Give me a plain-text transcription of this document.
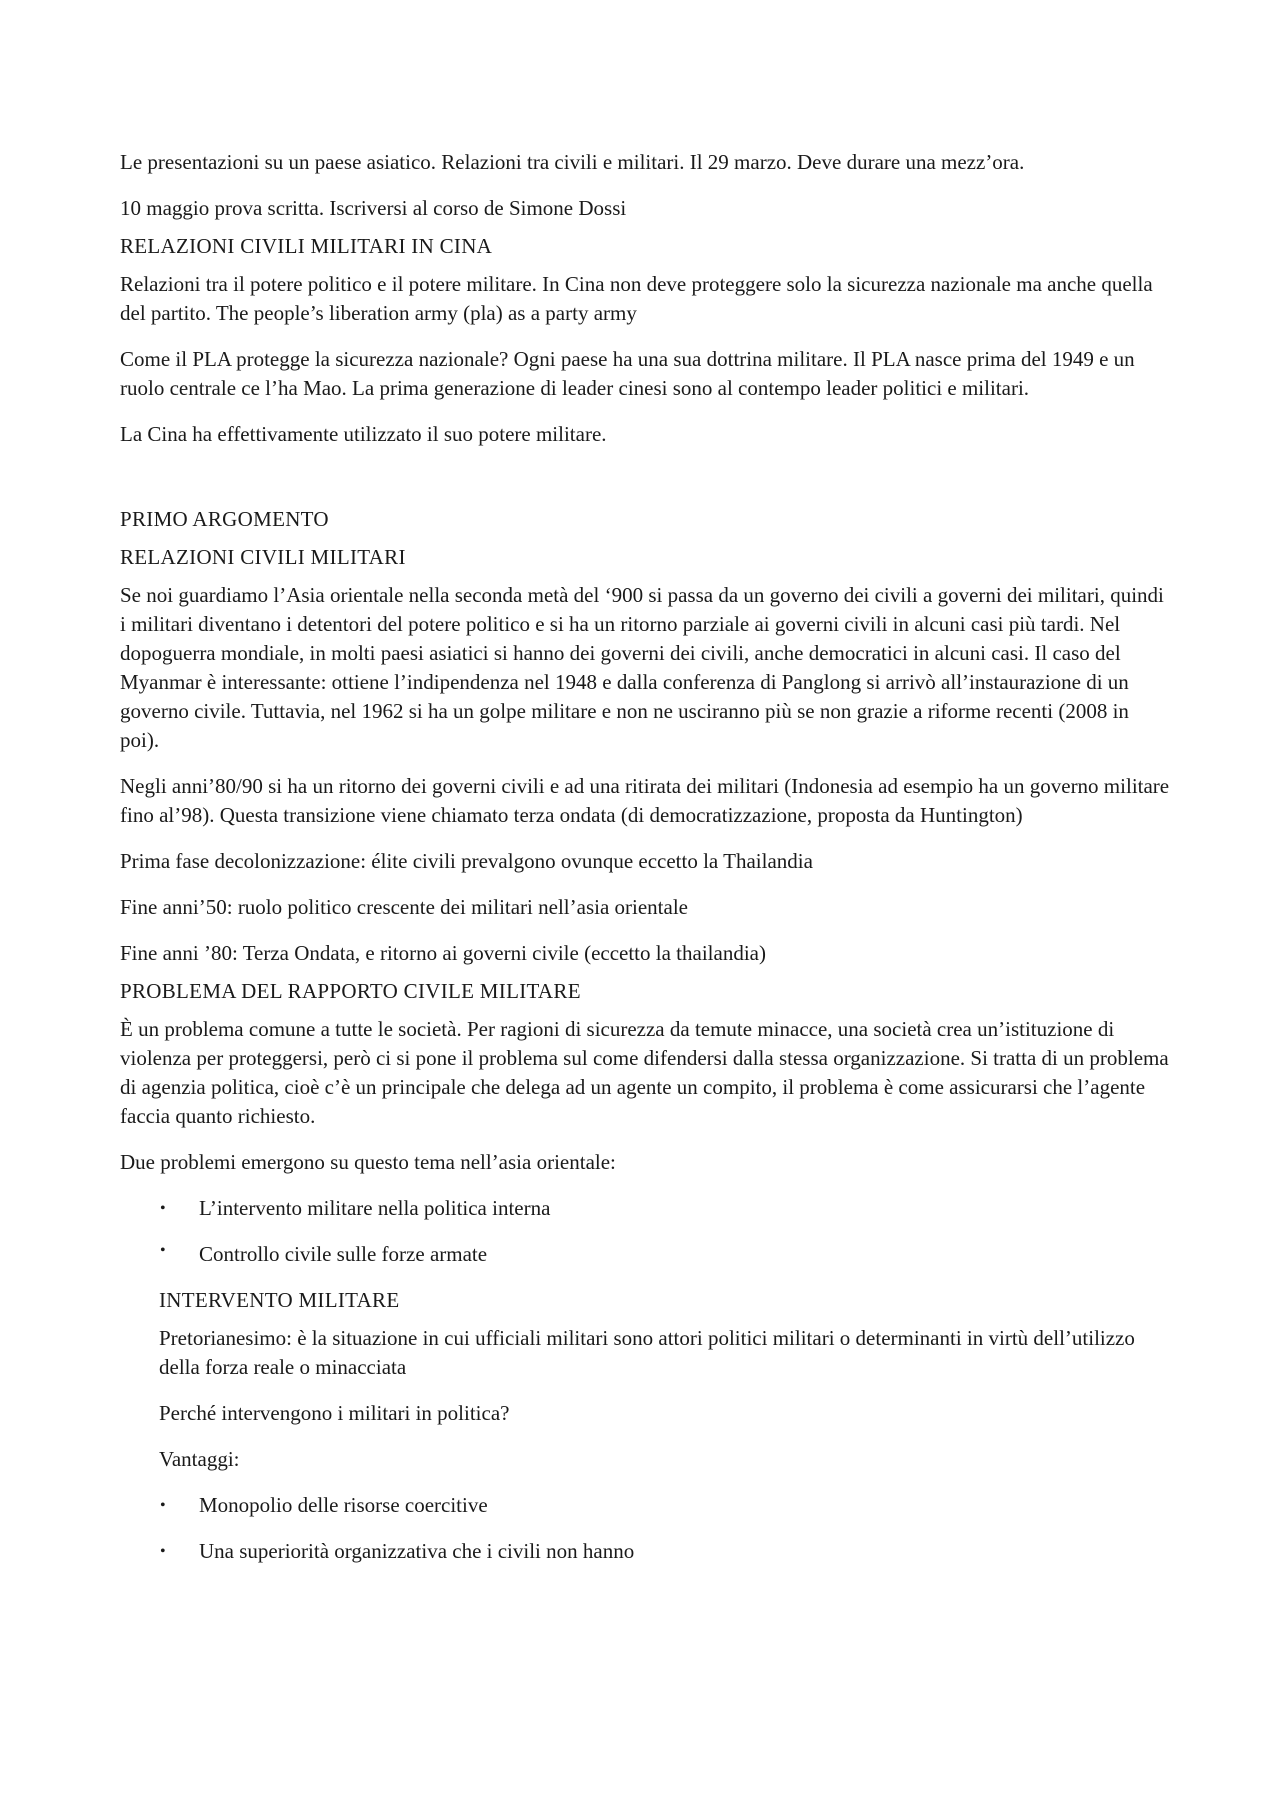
Le presentazioni su un paese asiatico. Relazioni tra civili e militari. Il 29 marzo. Deve durare una mezz’ora.

10 maggio prova scritta. Iscriversi al corso de Simone Dossi

RELAZIONI CIVILI MILITARI IN CINA

Relazioni tra il potere politico e il potere militare. In Cina non deve proteggere solo la sicurezza nazionale ma anche quella del partito. The people’s liberation army (pla) as a party army

Come il PLA protegge la sicurezza nazionale? Ogni paese ha una sua dottrina militare. Il PLA nasce prima del 1949 e un ruolo centrale ce l’ha Mao. La prima generazione di leader cinesi sono al contempo leader politici e militari.

La Cina ha effettivamente utilizzato il suo potere militare.

PRIMO ARGOMENTO

RELAZIONI CIVILI MILITARI

Se noi guardiamo l’Asia orientale nella seconda metà del ‘900 si passa da un governo dei civili a governi dei militari, quindi i militari diventano i detentori del potere politico e si ha un ritorno parziale ai governi civili in alcuni casi più tardi. Nel dopoguerra mondiale, in molti paesi asiatici si hanno dei governi dei civili, anche democratici in alcuni casi. Il caso del Myanmar è interessante: ottiene l’indipendenza nel 1948 e dalla conferenza di Panglong si arrivò all’instaurazione di un governo civile. Tuttavia, nel 1962 si ha un golpe militare e non ne usciranno più se non grazie a riforme recenti (2008 in poi).

Negli anni’80/90 si ha un ritorno dei governi civili e ad una ritirata dei militari (Indonesia ad esempio ha un governo militare fino al’98). Questa transizione viene chiamato terza ondata (di democratizzazione, proposta da Huntington)

Prima fase decolonizzazione: élite civili prevalgono ovunque eccetto la Thailandia

Fine anni’50: ruolo politico crescente dei militari nell’asia orientale

Fine anni ’80: Terza Ondata, e ritorno ai governi civile (eccetto la thailandia)

PROBLEMA DEL RAPPORTO CIVILE MILITARE

È un problema comune a tutte le società. Per ragioni di sicurezza da temute minacce, una società crea un’istituzione di violenza per proteggersi, però ci si pone il problema sul come difendersi dalla stessa organizzazione. Si tratta di un problema di agenzia politica, cioè c’è un principale che delega ad un agente un compito, il problema è come assicurarsi che l’agente faccia quanto richiesto.

Due problemi emergono su questo tema nell’asia orientale:

• L’intervento militare nella politica interna
• Controllo civile sulle forze armate

INTERVENTO MILITARE

Pretorianesimo: è la situazione in cui ufficiali militari sono attori politici militari o determinanti in virtù dell’utilizzo della forza reale o minacciata

Perché intervengono i militari in politica?

Vantaggi:

• Monopolio delle risorse coercitive
• Una superiorità organizzativa che i civili non hanno
